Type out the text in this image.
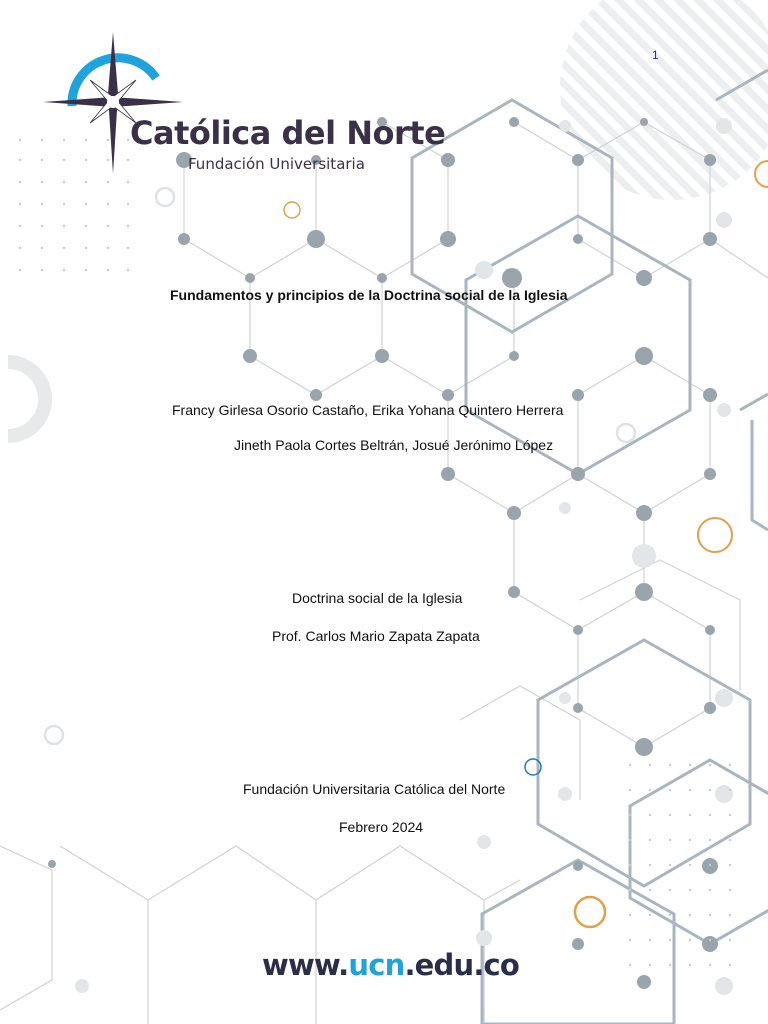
Católica del Norte
Fundación Universitaria
1
Fundamentos y principios de la Doctrina social de la Iglesia
Francy Girlesa Osorio Castaño, Erika Yohana Quintero Herrera
Jineth Paola Cortes Beltrán, Josué Jerónimo López
Doctrina social de la Iglesia
Prof. Carlos Mario Zapata Zapata
Fundación Universitaria Católica del Norte
Febrero 2024
www.ucn.edu.co
